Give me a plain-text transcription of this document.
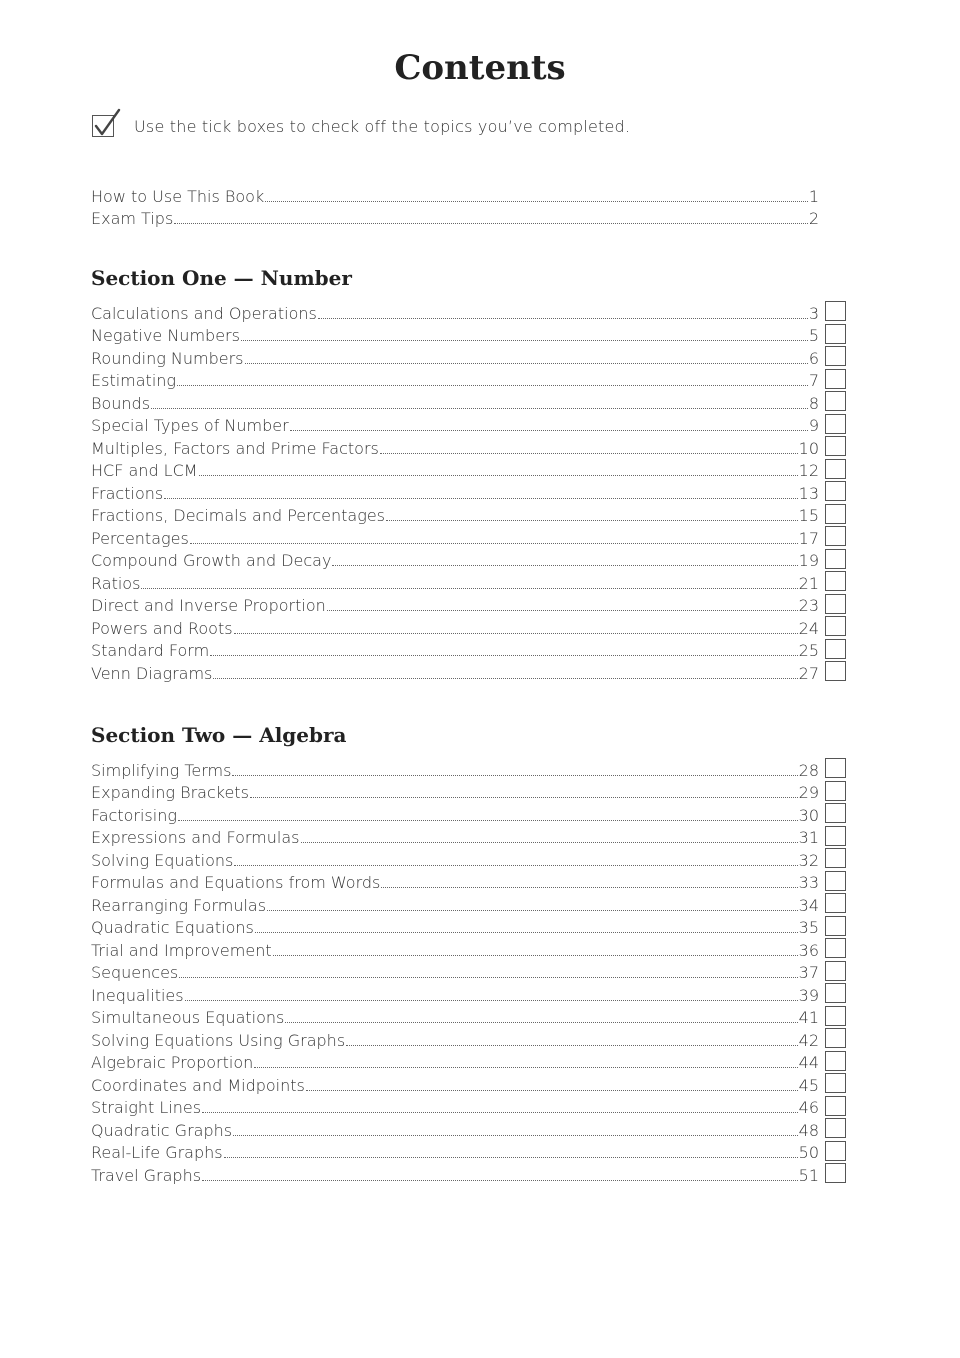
Contents
Use the tick boxes to check off the topics you’ve completed.
How to Use This Book	1
Exam Tips	2
Section One — Number
Calculations and Operations	3
Negative Numbers	5
Rounding Numbers	6
Estimating	7
Bounds	8
Special Types of Number	9
Multiples, Factors and Prime Factors	10
HCF and LCM	12
Fractions	13
Fractions, Decimals and Percentages	15
Percentages	17
Compound Growth and Decay	19
Ratios	21
Direct and Inverse Proportion	23
Powers and Roots	24
Standard Form	25
Venn Diagrams	27
Section Two — Algebra
Simplifying Terms	28
Expanding Brackets	29
Factorising	30
Expressions and Formulas	31
Solving Equations	32
Formulas and Equations from Words	33
Rearranging Formulas	34
Quadratic Equations	35
Trial and Improvement	36
Sequences	37
Inequalities	39
Simultaneous Equations	41
Solving Equations Using Graphs	42
Algebraic Proportion	44
Coordinates and Midpoints	45
Straight Lines	46
Quadratic Graphs	48
Real-Life Graphs	50
Travel Graphs	51
